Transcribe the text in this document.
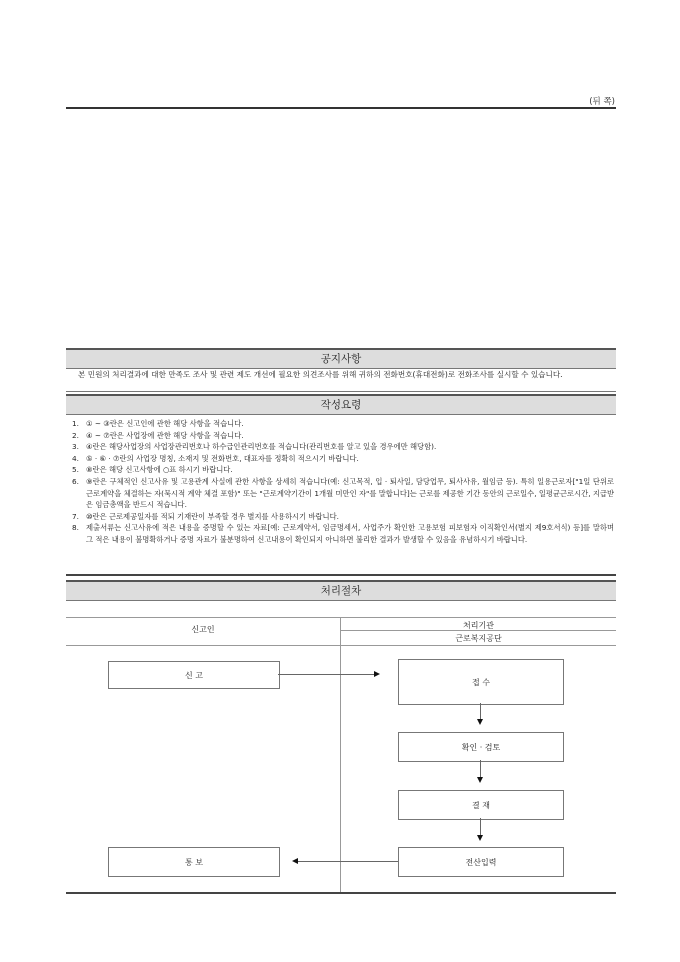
(뒤 쪽)
공지사항
본 민원의 처리결과에 대한 만족도 조사 및 관련 제도 개선에 필요한 의견조사를 위해 귀하의 전화번호(휴대전화)로 전화조사를 실시할 수 있습니다.
작성요령
1. ① ~ ③란은 신고인에 관한 해당 사항을 적습니다.
2. ④ ~ ⑦란은 사업장에 관한 해당 사항을 적습니다.
3. ④란은 해당사업장의 사업장관리번호나 하수급인관리번호를 적습니다(관리번호를 알고 있을 경우에만 해당함).
4. ⑤ · ⑥ · ⑦란의 사업장 명칭, 소재지 및 전화번호, 대표자를 정확히 적으시기 바랍니다.
5. ⑧란은 해당 신고사항에 ○표 하시기 바랍니다.
6. ⑨란은 구체적인 신고사유 및 고용관계 사실에 관한 사항을 상세히 적습니다(예: 신고목적, 입 · 퇴사일, 담당업무, 퇴사사유, 월임금 등). 특히 일용근로자["1일 단위로 근로계약을 체결하는 자(묵시적 계약 체결 포함)" 또는 "근로계약기간이 1개월 미만인 자"를 말합니다]는 근로를 제공한 기간 동안의 근로일수, 일평균근로시간, 지급받은 임금총액을 반드시 적습니다.
7. ⑩란은 근로제공일자를 적되 기재란이 부족할 경우 별지를 사용하시기 바랍니다.
8. 제출서류는 신고사유에 적은 내용을 증명할 수 있는 자료[예: 근로계약서, 임금명세서, 사업주가 확인한 고용보험 피보험자 이직확인서(별지 제9호서식) 등]를 말하며 그 적은 내용이 불명확하거나 증명 자료가 불분명하여 신고내용이 확인되지 아니하면 불리한 결과가 발생할 수 있음을 유념하시기 바랍니다.
처리절차
신고인	처리기관
근로복지공단
신 고
통 보
접 수
확인 · 검토
결 재
전산입력
